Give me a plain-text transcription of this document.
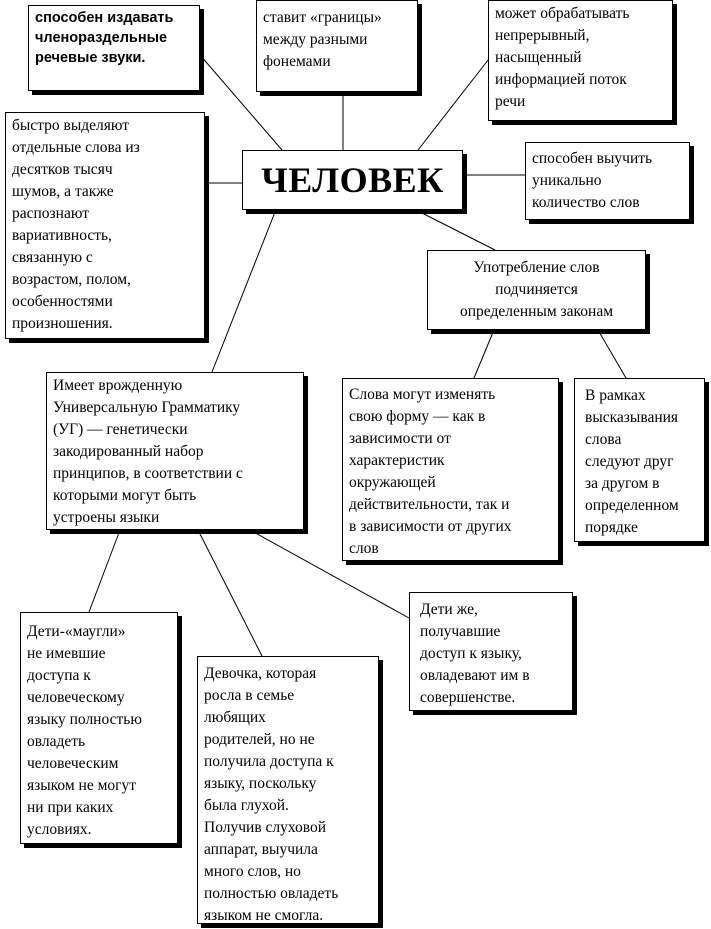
способен издавать
членораздельные
речевые звуки.
ставит «границы»
между разными
фонемами
может обрабатывать
непрерывный,
насыщенный
информацией поток
речи
быстро выделяют
отдельные слова из
десятков тысяч
шумов, а также
распознают
вариативность,
связанную с
возрастом, полом,
особенностями
произношения.
ЧЕЛОВЕК
способен выучить
уникально
количество слов
Употребление слов
подчиняется
определенным законам
Имеет врожденную
Универсальную Грамматику
(УГ) — генетически
закодированный набор
принципов, в соответствии с
которыми могут быть
устроены языки
Слова могут изменять
свою форму — как в
зависимости от
характеристик
окружающей
действительности, так и
в зависимости от других
слов
В рамках
высказывания
слова
следуют друг
за другом в
определенном
порядке
Дети-«маугли»
не имевшие
доступа к
человеческому
языку полностью
овладеть
человеческим
языком не могут
ни при каких
условиях.
Девочка, которая
росла в семье
любящих
родителей, но не
получила доступа к
языку, поскольку
была глухой.
Получив слуховой
аппарат, выучила
много слов, но
полностью овладеть
языком не смогла.
Дети же,
получавшие
доступ к языку,
овладевают им в
совершенстве.
